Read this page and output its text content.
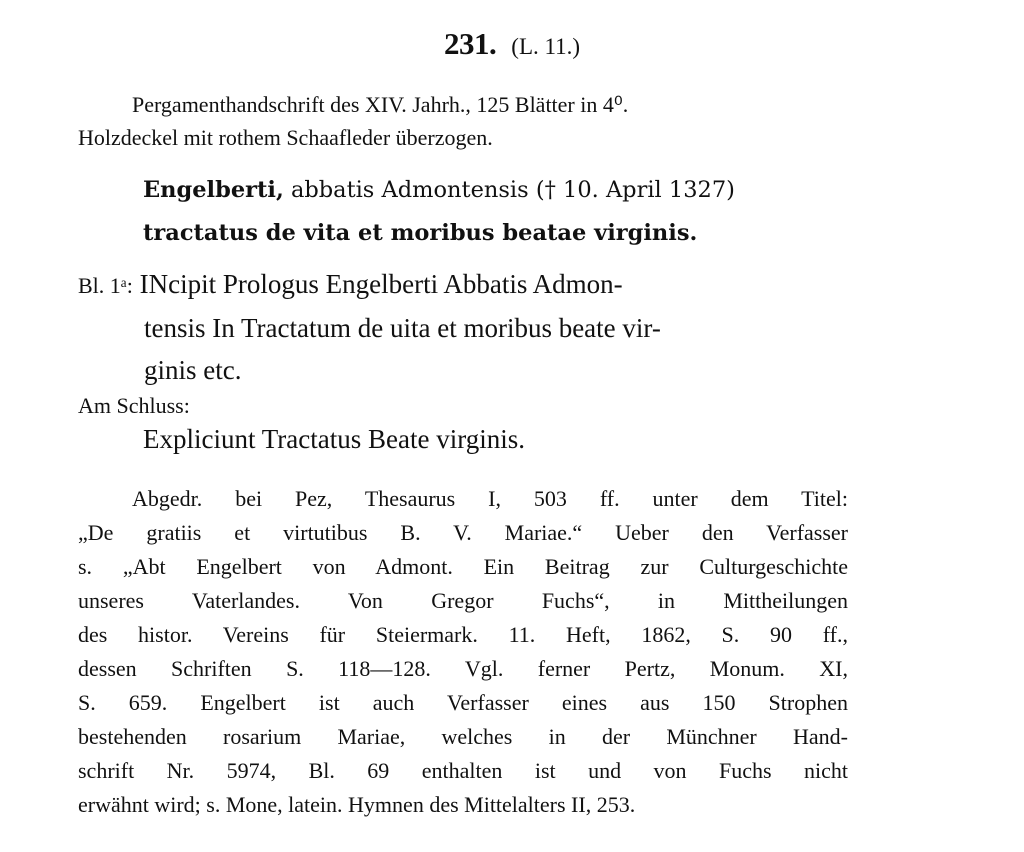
231. (L. 11.)
Pergamenthandschrift des XIV. Jahrh., 125 Blätter in 4⁰.
Holzdeckel mit rothem Schaafleder überzogen.
Engelberti, abbatis Admontensis († 10. April 1327)
tractatus de vita et moribus beatae virginis.
Bl. 1ᵃ: INcipit Prologus Engelberti Abbatis Admon-
tensis In Tractatum de uita et moribus beate vir-
ginis etc.
Am Schluss:
Expliciunt Tractatus Beate virginis.
Abgedr. bei Pez, Thesaurus I, 503 ff. unter dem Titel:
„De gratiis et virtutibus B. V. Mariae.“ Ueber den Verfasser
s. „Abt Engelbert von Admont. Ein Beitrag zur Culturgeschichte
unseres Vaterlandes. Von Gregor Fuchs“, in Mittheilungen
des histor. Vereins für Steiermark. 11. Heft, 1862, S. 90 ff.,
dessen Schriften S. 118—128. Vgl. ferner Pertz, Monum. XI,
S. 659. Engelbert ist auch Verfasser eines aus 150 Strophen
bestehenden rosarium Mariae, welches in der Münchner Hand-
schrift Nr. 5974, Bl. 69 enthalten ist und von Fuchs nicht
erwähnt wird; s. Mone, latein. Hymnen des Mittelalters II, 253.
